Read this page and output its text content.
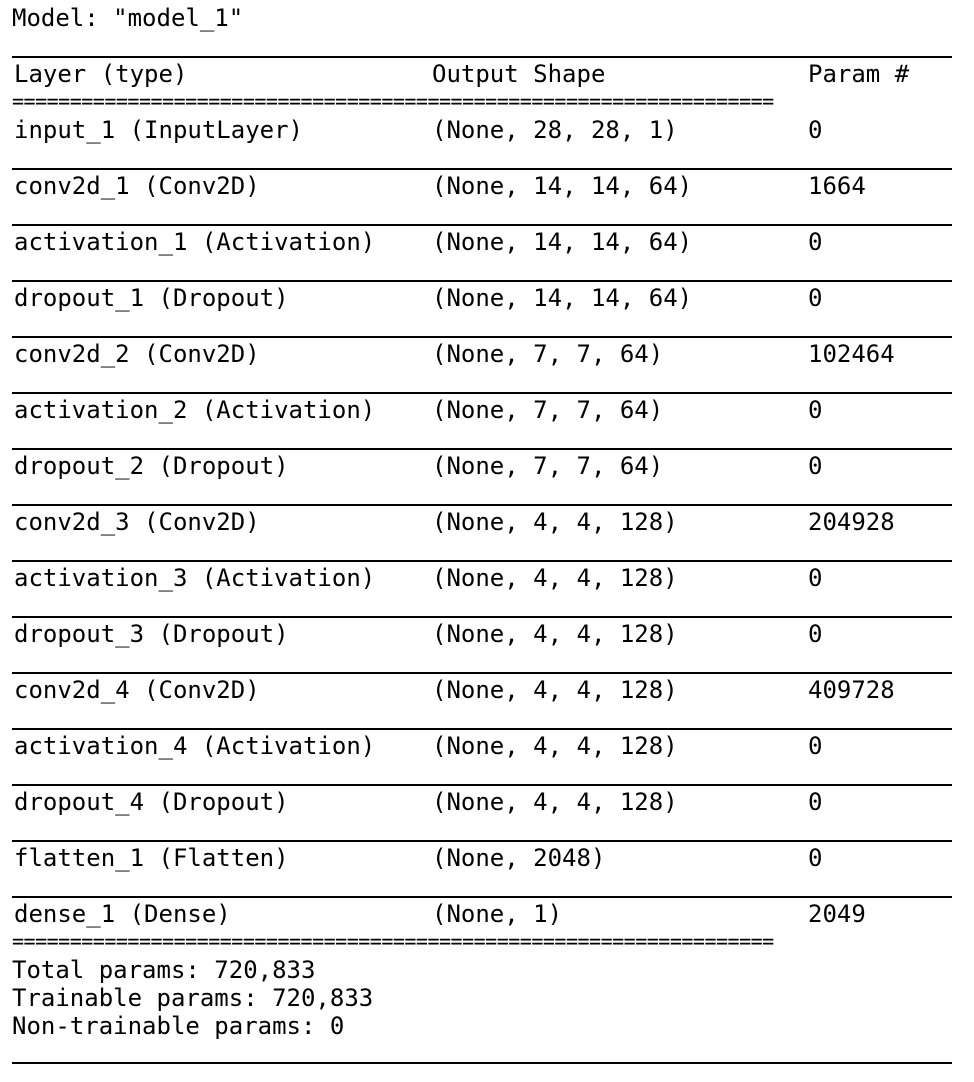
Model: "model_1"
Layer (type)	Output Shape	Param #
==================================================================
input_1 (InputLayer)	(None, 28, 28, 1)	0
conv2d_1 (Conv2D)	(None, 14, 14, 64)	1664
activation_1 (Activation) (None, 14, 14, 64)	0
dropout_1 (Dropout)	(None, 14, 14, 64)	0
conv2d_2 (Conv2D)	(None, 7, 7, 64)	102464
activation_2 (Activation) (None, 7, 7, 64)	0
dropout_2 (Dropout)	(None, 7, 7, 64)	0
conv2d_3 (Conv2D)	(None, 4, 4, 128)	204928
activation_3 (Activation) (None, 4, 4, 128)	0
dropout_3 (Dropout)	(None, 4, 4, 128)	0
conv2d_4 (Conv2D)	(None, 4, 4, 128)	409728
activation_4 (Activation) (None, 4, 4, 128)	0
dropout_4 (Dropout)	(None, 4, 4, 128)	0
flatten_1 (Flatten)	(None, 2048)	0
dense_1 (Dense)	(None, 1)	2049
==================================================================
Total params: 720,833
Trainable params: 720,833
Non-trainable params: 0
